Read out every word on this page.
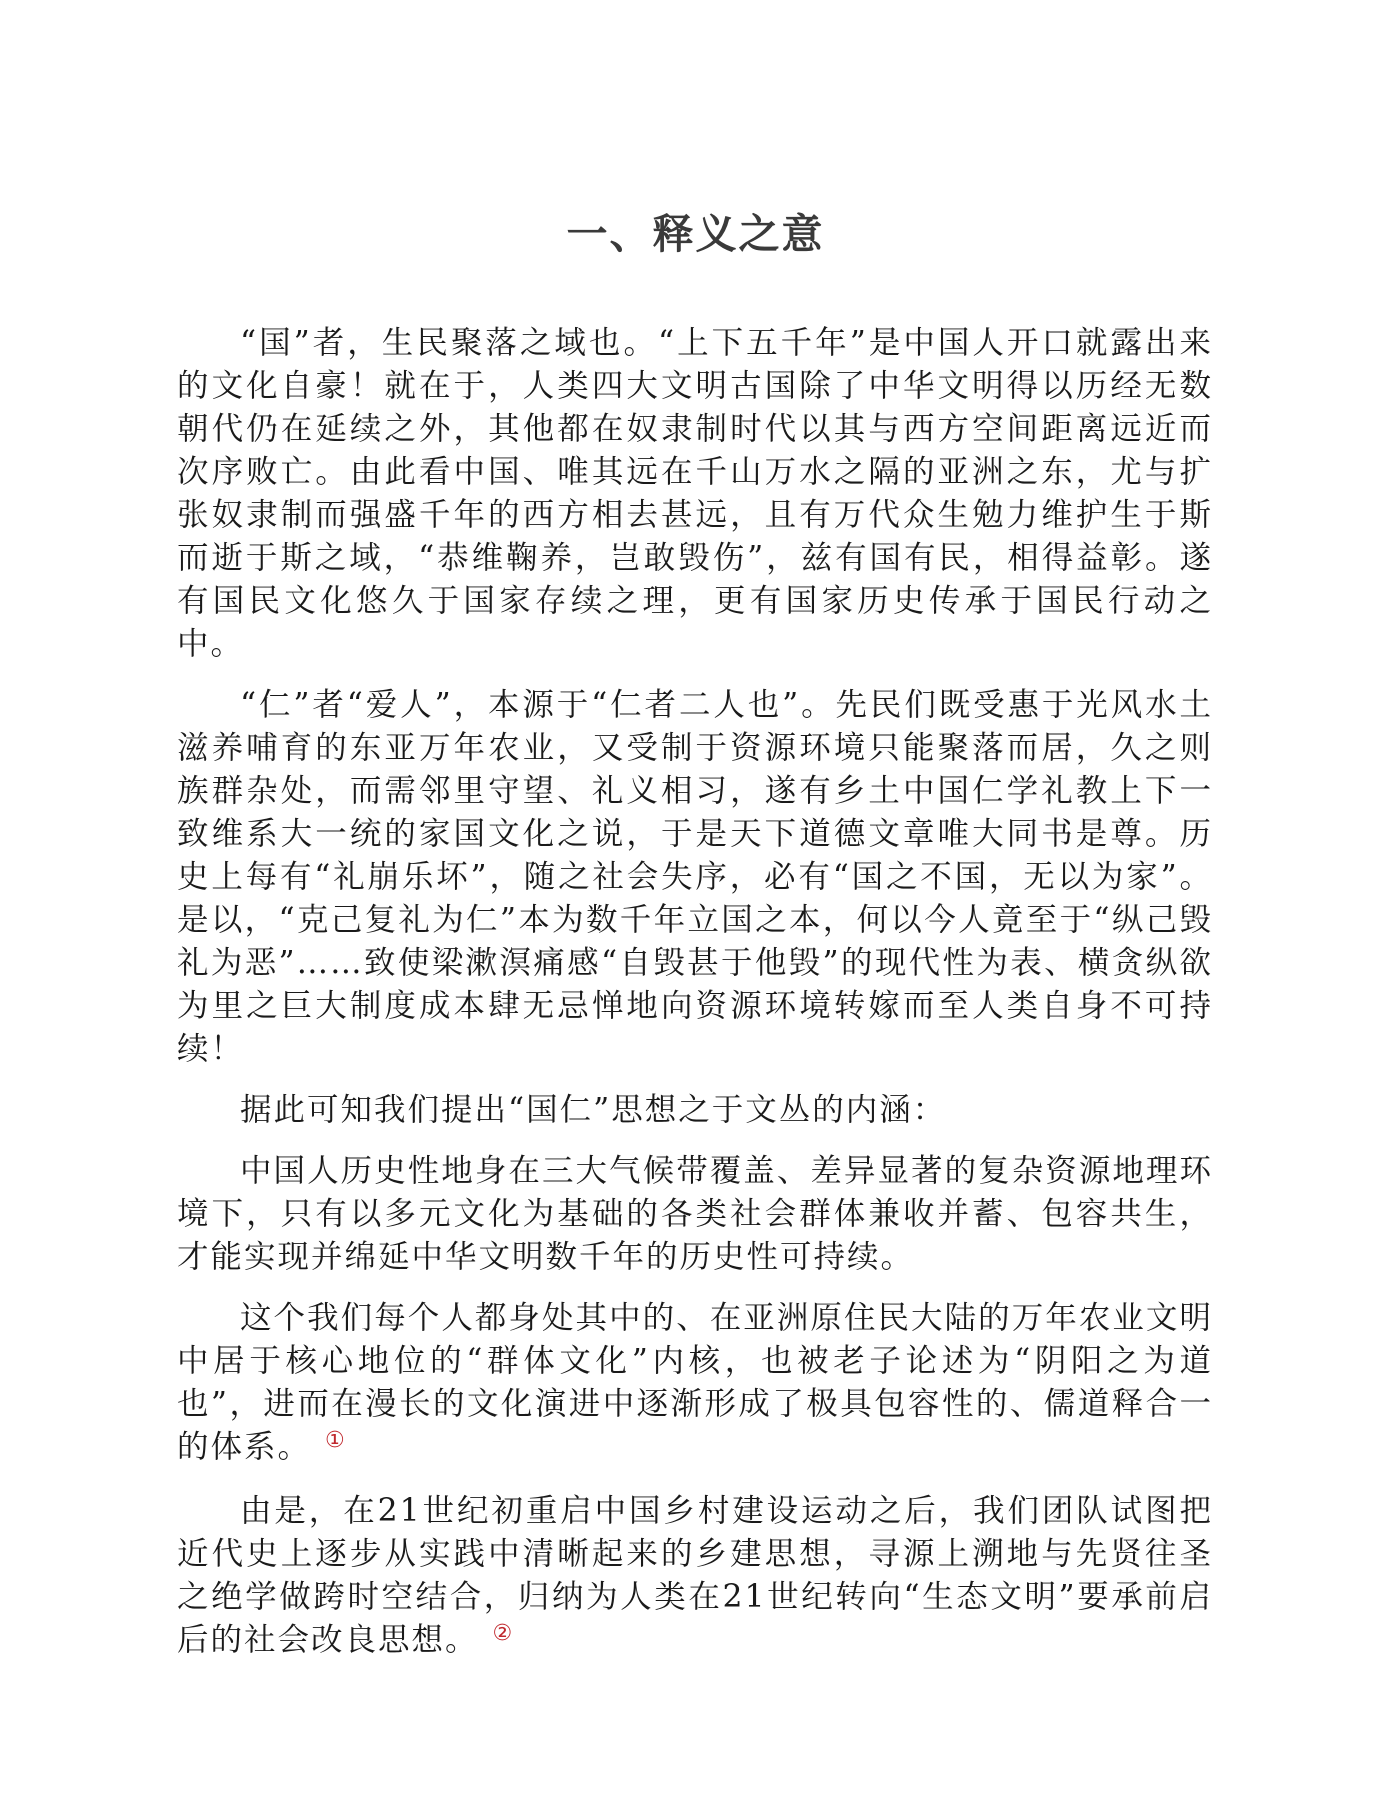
一、释义之意

“国”者，生民聚落之域也。“上下五千年”是中国人开口就露出来的文化自豪！就在于，人类四大文明古国除了中华文明得以历经无数朝代仍在延续之外，其他都在奴隶制时代以其与西方空间距离远近而次序败亡。由此看中国、唯其远在千山万水之隔的亚洲之东，尤与扩张奴隶制而强盛千年的西方相去甚远，且有万代众生勉力维护生于斯而逝于斯之域，“恭维鞠养，岂敢毁伤”，兹有国有民，相得益彰。遂有国民文化悠久于国家存续之理，更有国家历史传承于国民行动之中。

“仁”者“爱人”，本源于“仁者二人也”。先民们既受惠于光风水土滋养哺育的东亚万年农业，又受制于资源环境只能聚落而居，久之则族群杂处，而需邻里守望、礼义相习，遂有乡土中国仁学礼教上下一致维系大一统的家国文化之说，于是天下道德文章唯大同书是尊。历史上每有“礼崩乐坏”，随之社会失序，必有“国之不国，无以为家”。是以，“克己复礼为仁”本为数千年立国之本，何以今人竟至于“纵己毁礼为恶”……致使梁漱溟痛感“自毁甚于他毁”的现代性为表、横贪纵欲为里之巨大制度成本肆无忌惮地向资源环境转嫁而至人类自身不可持续！

据此可知我们提出“国仁”思想之于文丛的内涵：

中国人历史性地身在三大气候带覆盖、差异显著的复杂资源地理环境下，只有以多元文化为基础的各类社会群体兼收并蓄、包容共生，才能实现并绵延中华文明数千年的历史性可持续。

这个我们每个人都身处其中的、在亚洲原住民大陆的万年农业文明中居于核心地位的“群体文化”内核，也被老子论述为“阴阳之为道也”，进而在漫长的文化演进中逐渐形成了极具包容性的、儒道释合一的体系。 ①

由是，在21世纪初重启中国乡村建设运动之后，我们团队试图把近代史上逐步从实践中清晰起来的乡建思想，寻源上溯地与先贤往圣之绝学做跨时空结合，归纳为人类在21世纪转向“生态文明”要承前启后的社会改良思想。 ②
